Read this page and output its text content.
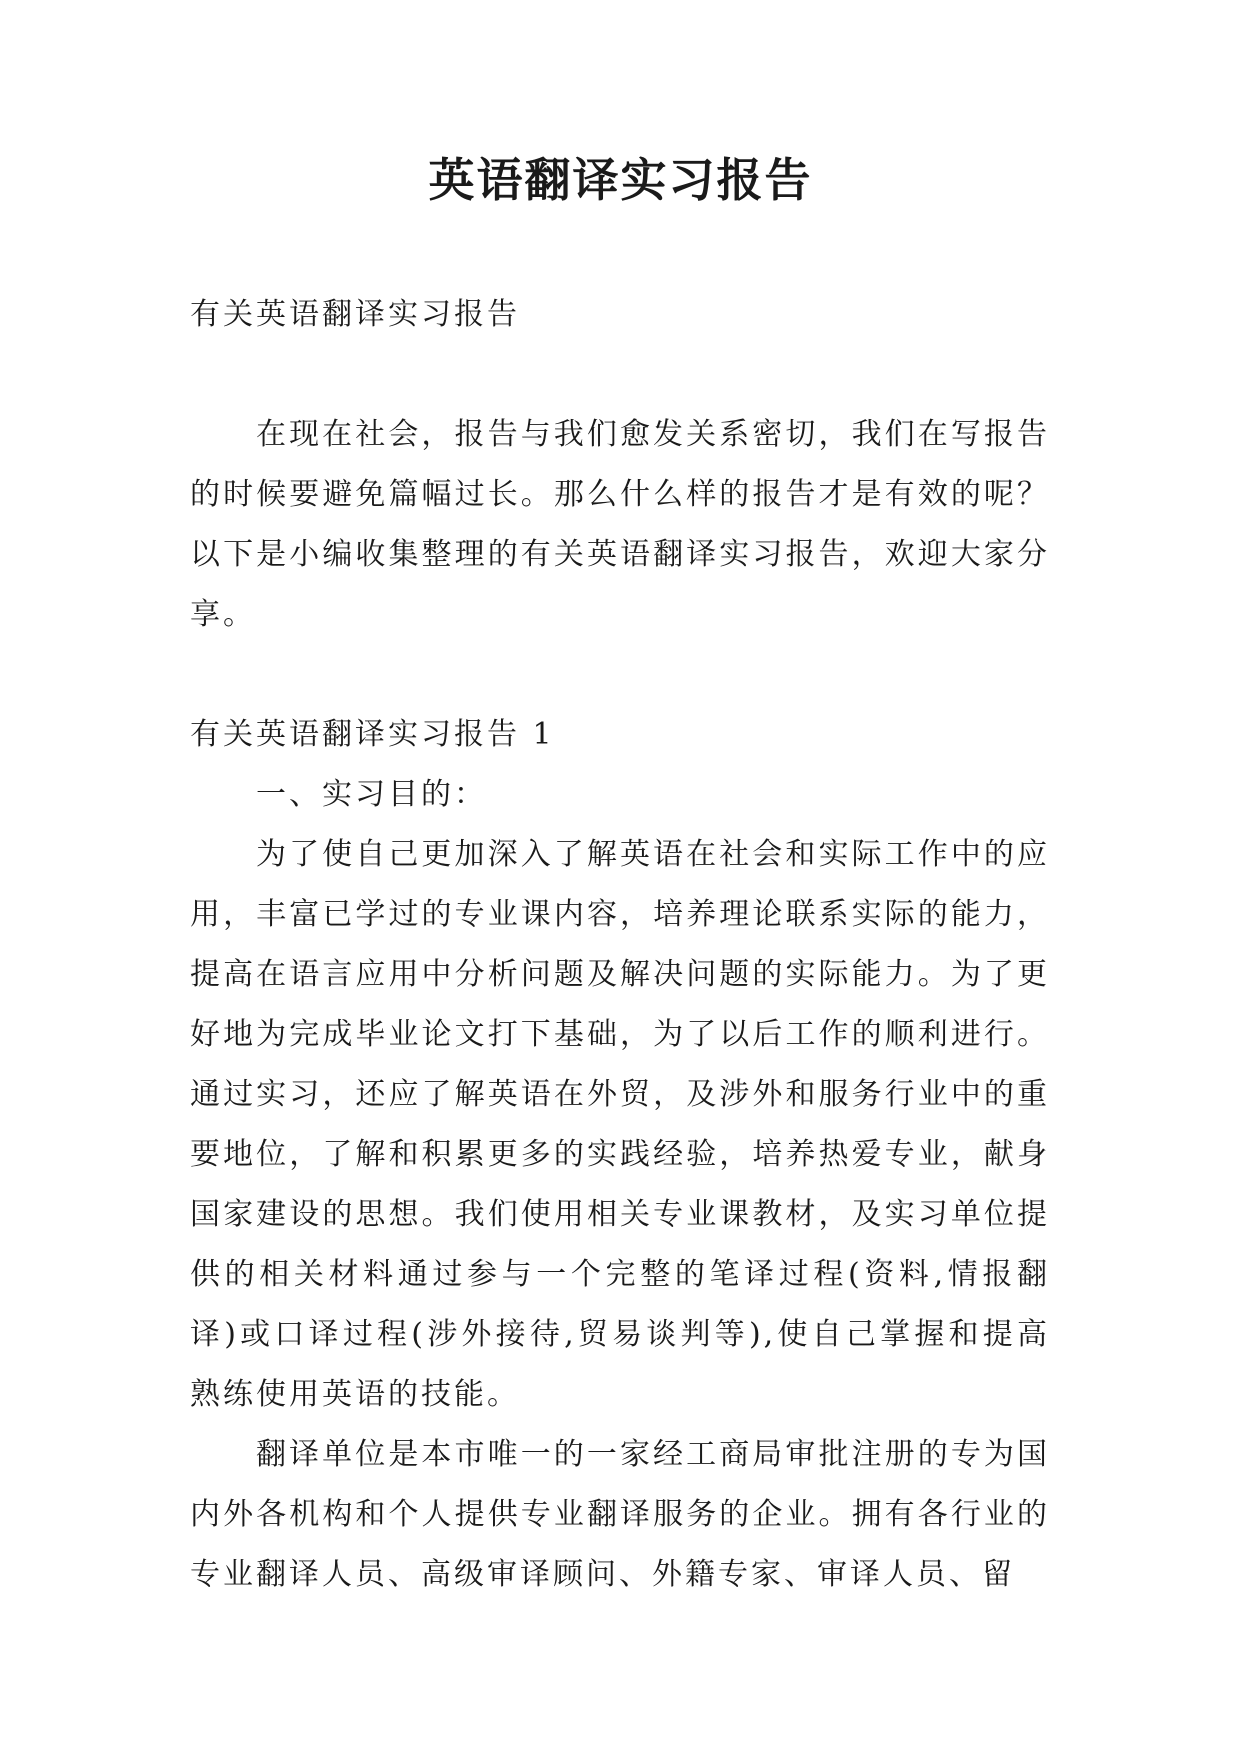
英语翻译实习报告

有关英语翻译实习报告

在现在社会，报告与我们愈发关系密切，我们在写报告的时候要避免篇幅过长。那么什么样的报告才是有效的呢？以下是小编收集整理的有关英语翻译实习报告，欢迎大家分享。

有关英语翻译实习报告 1

一、实习目的：

为了使自己更加深入了解英语在社会和实际工作中的应用，丰富已学过的专业课内容，培养理论联系实际的能力，提高在语言应用中分析问题及解决问题的实际能力。为了更好地为完成毕业论文打下基础，为了以后工作的顺利进行。通过实习，还应了解英语在外贸，及涉外和服务行业中的重要地位，了解和积累更多的实践经验，培养热爱专业，献身国家建设的思想。我们使用相关专业课教材，及实习单位提供的相关材料通过参与一个完整的笔译过程(资料,情报翻译)或口译过程(涉外接待,贸易谈判等),使自己掌握和提高熟练使用英语的技能。

翻译单位是本市唯一的一家经工商局审批注册的专为国内外各机构和个人提供专业翻译服务的企业。拥有各行业的专业翻译人员、高级审译顾问、外籍专家、审译人员、留
